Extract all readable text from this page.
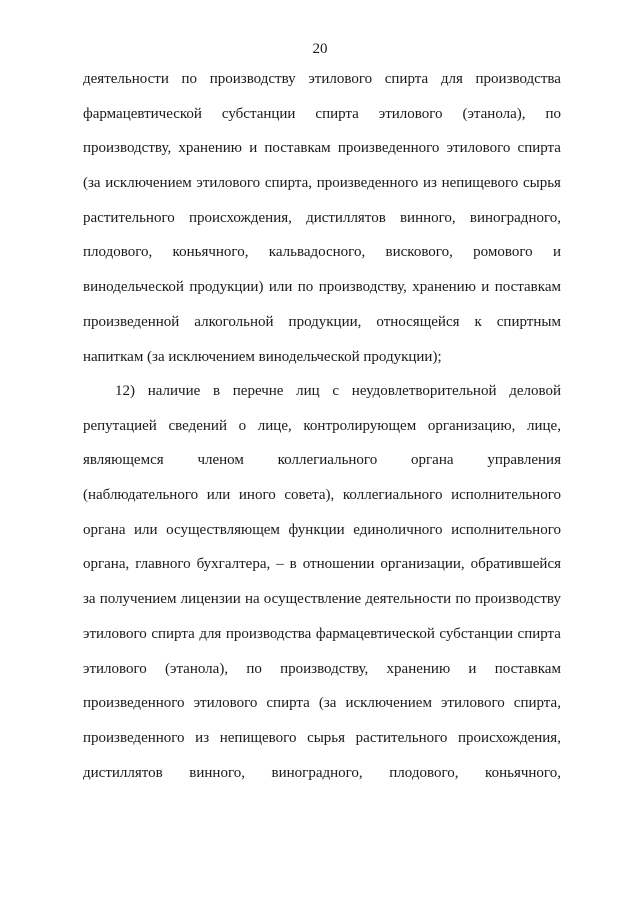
20
деятельности по производству этилового спирта для производства
фармацевтической субстанции спирта этилового (этанола), по
производству, хранению и поставкам произведенного этилового спирта
(за исключением этилового спирта, произведенного из непищевого сырья
растительного происхождения, дистиллятов винного, виноградного,
плодового, коньячного, кальвадосного, вискового, ромового и
винодельческой продукции) или по производству, хранению и поставкам
произведенной алкогольной продукции, относящейся к спиртным
напиткам (за исключением винодельческой продукции);
12) наличие в перечне лиц с неудовлетворительной деловой
репутацией сведений о лице, контролирующем организацию, лице,
являющемся членом коллегиального органа управления
(наблюдательного или иного совета), коллегиального исполнительного
органа или осуществляющем функции единоличного исполнительного
органа, главного бухгалтера, – в отношении организации, обратившейся
за получением лицензии на осуществление деятельности по производству
этилового спирта для производства фармацевтической субстанции спирта
этилового (этанола), по производству, хранению и поставкам
произведенного этилового спирта (за исключением этилового спирта,
произведенного из непищевого сырья растительного происхождения,
дистиллятов винного, виноградного, плодового, коньячного,
